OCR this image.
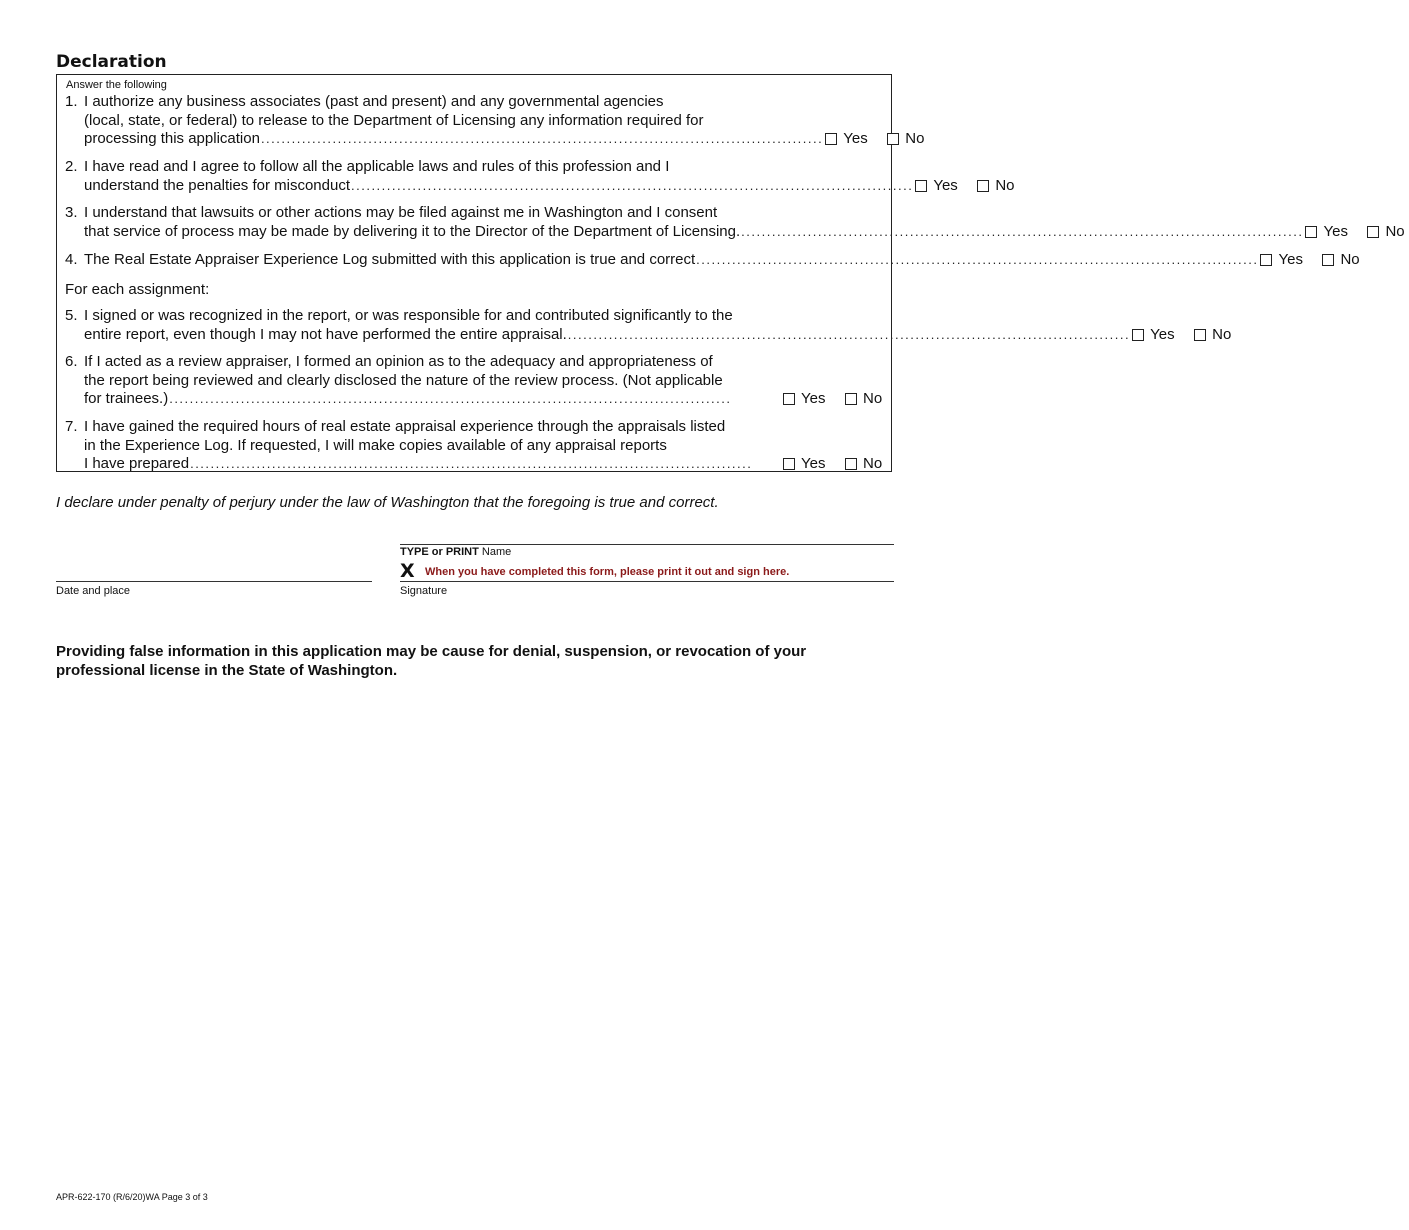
Declaration
Answer the following
1. I authorize any business associates (past and present) and any governmental agencies
(local, state, or federal) to release to the Department of Licensing any information required for
processing this application .............................................................................................................. Yes	No
2. I have read and I agree to follow all the applicable laws and rules of this profession and I
understand the penalties for misconduct .............................................................................................................. Yes	No
3. I understand that lawsuits or other actions may be filed against me in Washington and I consent
that service of process may be made by delivering it to the Director of the Department of Licensing. .............................................................................................................. Yes	No
4. The Real Estate Appraiser Experience Log submitted with this application is true and correct .............................................................................................................. Yes	No
For each assignment:
5. I signed or was recognized in the report, or was responsible for and contributed significantly to the
entire report, even though I may not have performed the entire appraisal. .............................................................................................................. Yes	No
6. If I acted as a review appraiser, I formed an opinion as to the adequacy and appropriateness of
the report being reviewed and clearly disclosed the nature of the review process. (Not applicable
for trainees.) ..............................................................................................................	Yes	No
7. I have gained the required hours of real estate appraisal experience through the appraisals listed
in the Experience Log. If requested, I will make copies available of any appraisal reports
I have prepared ..............................................................................................................	Yes	No
I declare under penalty of perjury under the law of Washington that the foregoing is true and correct.
TYPE or PRINT Name
X When you have completed this form, please print it out and sign here.
Date and place	Signature
Providing false information in this application may be cause for denial, suspension, or revocation of your professional license in the State of Washington.
APR-622-170 (R/6/20)WA Page 3 of 3
